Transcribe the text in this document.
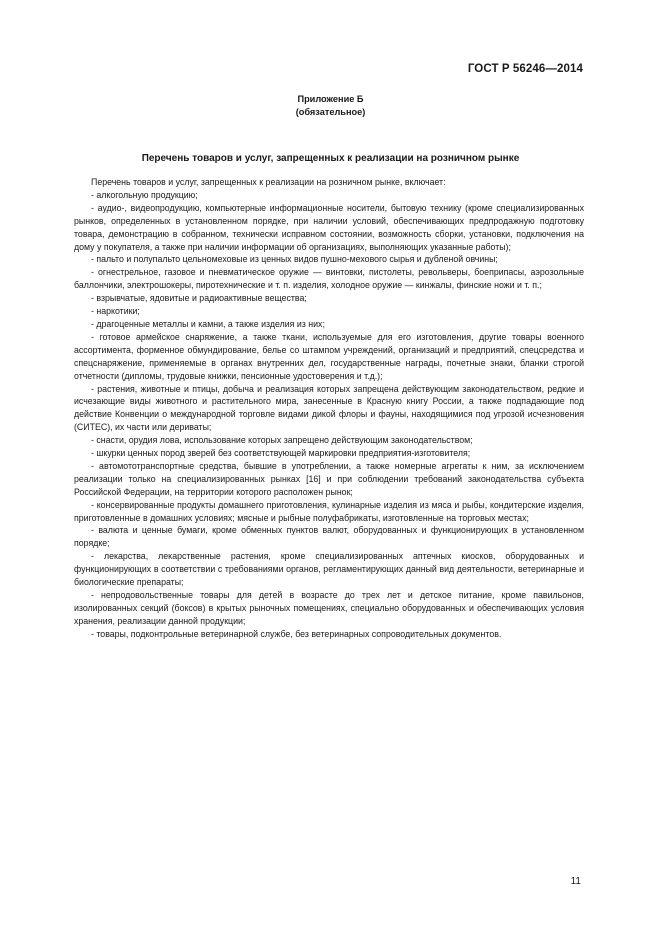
ГОСТ Р 56246—2014
Приложение Б
(обязательное)
Перечень товаров и услуг, запрещенных к реализации на розничном рынке

Перечень товаров и услуг, запрещенных к реализации на розничном рынке, включает:

- алкогольную продукцию;

- аудио-, видеопродукцию, компьютерные информационные носители, бытовую технику (кроме специализированных рынков, определенных в установленном порядке, при наличии условий, обеспечивающих предпродажную подготовку товара, демонстрацию в собранном, технически исправном состоянии, возможность сборки, установки, подключения на дому у покупателя, а также при наличии информации об организациях, выполняющих указанные работы);

- пальто и полупальто цельномеховые из ценных видов пушно-мехового сырья и дубленой овчины;

- огнестрельное, газовое и пневматическое оружие — винтовки, пистолеты, револьверы, боеприпасы, аэрозольные баллончики, электрошокеры, пиротехнические и т. п. изделия, холодное оружие — кинжалы, финские ножи и т. п.;

- взрывчатые, ядовитые и радиоактивные вещества;

- наркотики;

- драгоценные металлы и камни, а также изделия из них;

- готовое армейское снаряжение, а также ткани, используемые для его изготовления, другие товары военного ассортимента, форменное обмундирование, белье со штампом учреждений, организаций и предприятий, спецсредства и спецснаряжение, применяемые в органах внутренних дел, государственные награды, почетные знаки, бланки строгой отчетности (дипломы, трудовые книжки, пенсионные удостоверения и т.д.);

- растения, животные и птицы, добыча и реализация которых запрещена действующим законодательством, редкие и исчезающие виды животного и растительного мира, занесенные в Красную книгу России, а также подпадающие под действие Конвенции о международной торговле видами дикой флоры и фауны, находящимися под угрозой исчезновения (СИТЕС), их части или дериваты;

- снасти, орудия лова, использование которых запрещено действующим законодательством;

- шкурки ценных пород зверей без соответствующей маркировки предприятия-изготовителя;

- автомототранспортные средства, бывшие в употреблении, а также номерные агрегаты к ним, за исключением реализации только на специализированных рынках [16] и при соблюдении требований законодательства субъекта Российской Федерации, на территории которого расположен рынок;

- консервированные продукты домашнего приготовления, кулинарные изделия из мяса и рыбы, кондитерские изделия, приготовленные в домашних условиях; мясные и рыбные полуфабрикаты, изготовленные на торговых местах;

- валюта и ценные бумаги, кроме обменных пунктов валют, оборудованных и функционирующих в установленном порядке;

- лекарства, лекарственные растения, кроме специализированных аптечных киосков, оборудованных и функционирующих в соответствии с требованиями органов, регламентирующих данный вид деятельности, ветеринарные и биологические препараты;

- непродовольственные товары для детей в возрасте до трех лет и детское питание, кроме павильонов, изолированных секций (боксов) в крытых рыночных помещениях, специально оборудованных и обеспечивающих условия хранения, реализации данной продукции;

- товары, подконтрольные ветеринарной службе, без ветеринарных сопроводительных документов.

11
